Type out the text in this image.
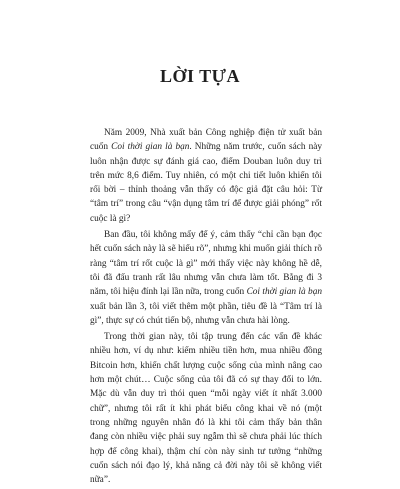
LỜI TỰA

Năm 2009, Nhà xuất bản Công nghiệp điện tử xuất bản cuốn Coi thời gian là bạn. Những năm trước, cuốn sách này luôn nhận được sự đánh giá cao, điểm Douban luôn duy trì trên mức 8,6 điểm. Tuy nhiên, có một chi tiết luôn khiến tôi rối bời – thỉnh thoảng vẫn thấy có độc giả đặt câu hỏi: Từ “tâm trí” trong câu “vận dụng tâm trí để được giải phóng” rốt cuộc là gì?

Ban đầu, tôi không mấy để ý, cảm thấy “chỉ cần bạn đọc hết cuốn sách này là sẽ hiểu rõ”, nhưng khi muốn giải thích rõ ràng “tâm trí rốt cuộc là gì” mới thấy việc này không hề dễ, tôi đã đấu tranh rất lâu nhưng vẫn chưa làm tốt. Bằng đi 3 năm, tôi hiệu đính lại lần nữa, trong cuốn Coi thời gian là bạn xuất bản lần 3, tôi viết thêm một phần, tiêu đề là “Tâm trí là gì”, thực sự có chút tiến bộ, nhưng vẫn chưa hài lòng.

Trong thời gian này, tôi tập trung đến các vấn đề khác nhiều hơn, ví dụ như: kiếm nhiều tiền hơn, mua nhiều đồng Bitcoin hơn, khiến chất lượng cuộc sống của mình nâng cao hơn một chút… Cuộc sống của tôi đã có sự thay đổi to lớn. Mặc dù vẫn duy trì thói quen “mỗi ngày viết ít nhất 3.000 chữ”, nhưng tôi rất ít khi phát biểu công khai về nó (một trong những nguyên nhân đó là khi tôi cảm thấy bản thân đang còn nhiều việc phải suy ngẫm thì sẽ chưa phải lúc thích hợp để công khai), thậm chí còn này sinh tư tưởng “những cuốn sách nói đạo lý, khả năng cả đời này tôi sẽ không viết nữa”.
